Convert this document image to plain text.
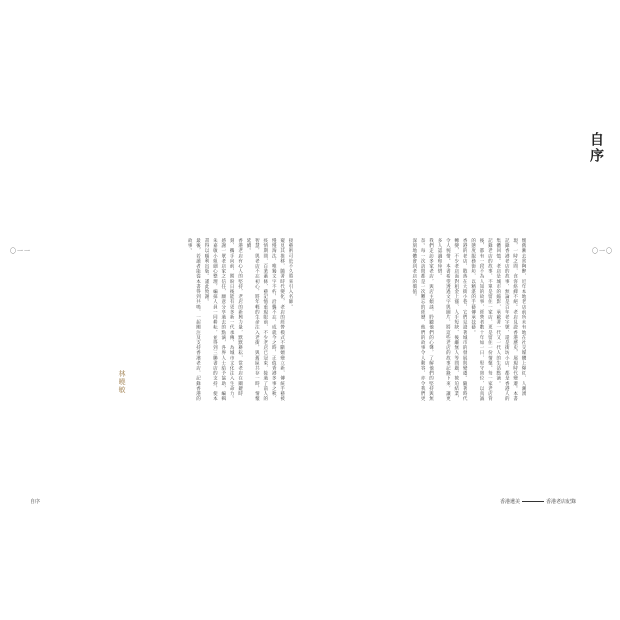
自序
懷舊漸去常陶醉，近年本地老店前所未有地在社交媒體上爆紅，人潮湧現，一時之間，食客絡繹不絕。老店見證香港歷史，展現時代變遷。本書記錄香港老店的故事，無論是百年老字號，還是街坊小店，都是香港人的集體回憶。老店是城市的縮影，承載著一代又一代人的生活點滴。
記錄老店的故事，不單是留住一家店，更是留住一份情懷。每一家老店背後，都有一段不為人知的故事，經營者數十年如一日，堅守崗位，以真誠的態度服務街坊，以精湛的手藝傳承技藝。
香港的老店，散落在大街小巷，它們見證著城市的發展與變遷。隨著時代轉變，不少老店面對租金上漲、人手短缺、後繼無人等問題，被迫結業，令人惋惜。本書希望透過文字與圖片，將這些老店的故事記錄下來，讓更多人認識和珍惜。
我們走訪多家老店，與店主傾談，聆聽他們的心聲，了解他們的堅持與無奈。每一次訪問都是一次難忘的經歷，他們的故事令人動容，亦令我們更深刻地體會到老店的價值。	〇一〇
香港遺美	香港老店紀錄
接藝術可於不久將來引入名師。
窺見其推移，隨著時代變化，老店的經營模式不斷嬗變立新，傳統手藝被慢慢淘汰，唯獨文字不朽，沿襲不忘，成就今之時，正值香港多事之秋，疫情期間，百業蕭條，藝記憶重現眼前，不少老店已冠束，接過了前人的智慧，與老店不忘初心，將年輕的生命注入老街，與舊區共存一時，情懷延續。
香港老店有心人的堅持，老店的新興力量，默默耕耘，當老店在關鍵時刻，攜手向前，期盼日後能有更多新一代承傳，為城市文化注入生命力。感謝一眾老店家之信任，願意分享過去的點滴，各界人士給予協助，編輯朱嘉敏小姐細心整理，編採人員一同耕耘，並得到三聯書店的支持，使本書得以順利出版。謹此致謝。
最後，若讀者能從本書得到共鳴，一起關注及支持香港老店，記錄香港的故事。
林曉敏
〇一一
自序
